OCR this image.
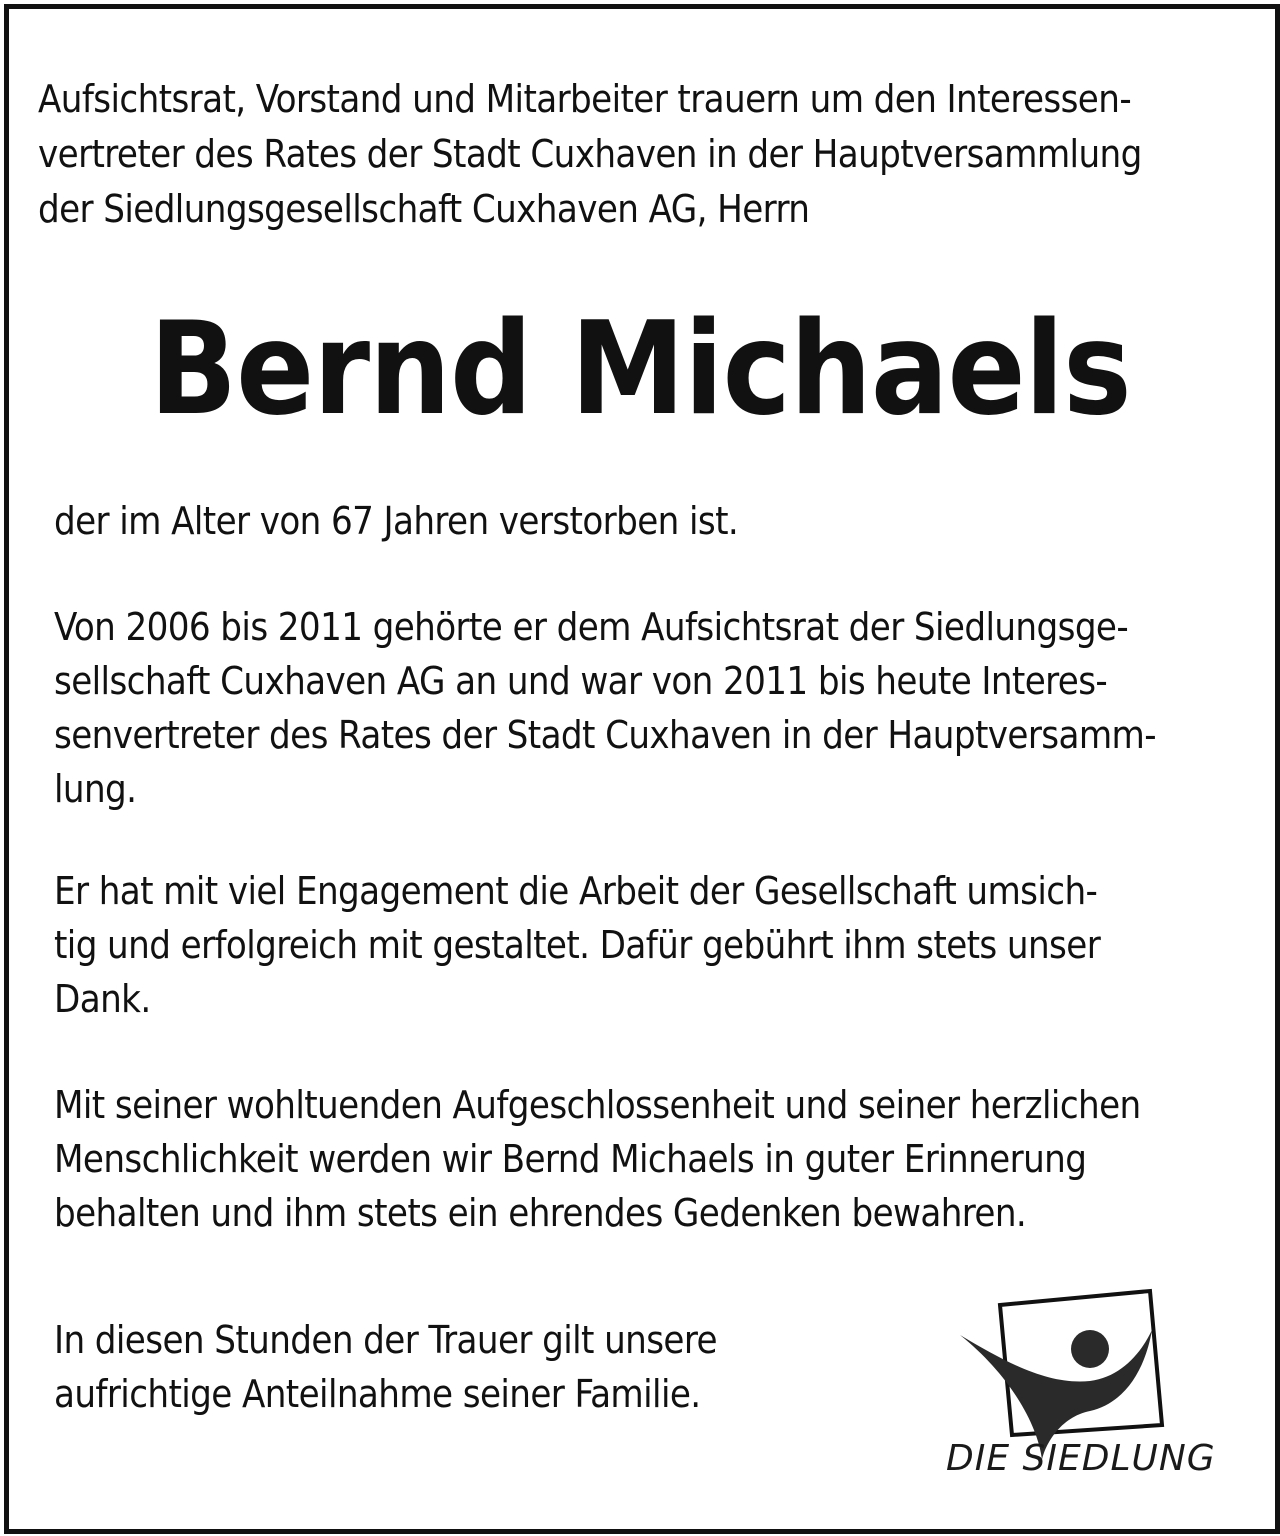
Aufsichtsrat, Vorstand und Mitarbeiter trauern um den Interessen-
vertreter des Rates der Stadt Cuxhaven in der Hauptversammlung
der Siedlungsgesellschaft Cuxhaven AG, Herrn

Bernd Michaels

der im Alter von 67 Jahren verstorben ist.

Von 2006 bis 2011 gehörte er dem Aufsichtsrat der Siedlungsge-
sellschaft Cuxhaven AG an und war von 2011 bis heute Interes-
senvertreter des Rates der Stadt Cuxhaven in der Hauptversamm-
lung.

Er hat mit viel Engagement die Arbeit der Gesellschaft umsich-
tig und erfolgreich mit gestaltet. Dafür gebührt ihm stets unser
Dank.

Mit seiner wohltuenden Aufgeschlossenheit und seiner herzlichen
Menschlichkeit werden wir Bernd Michaels in guter Erinnerung
behalten und ihm stets ein ehrendes Gedenken bewahren.

In diesen Stunden der Trauer gilt unsere
aufrichtige Anteilnahme seiner Familie.

DIE SIEDLUNG
